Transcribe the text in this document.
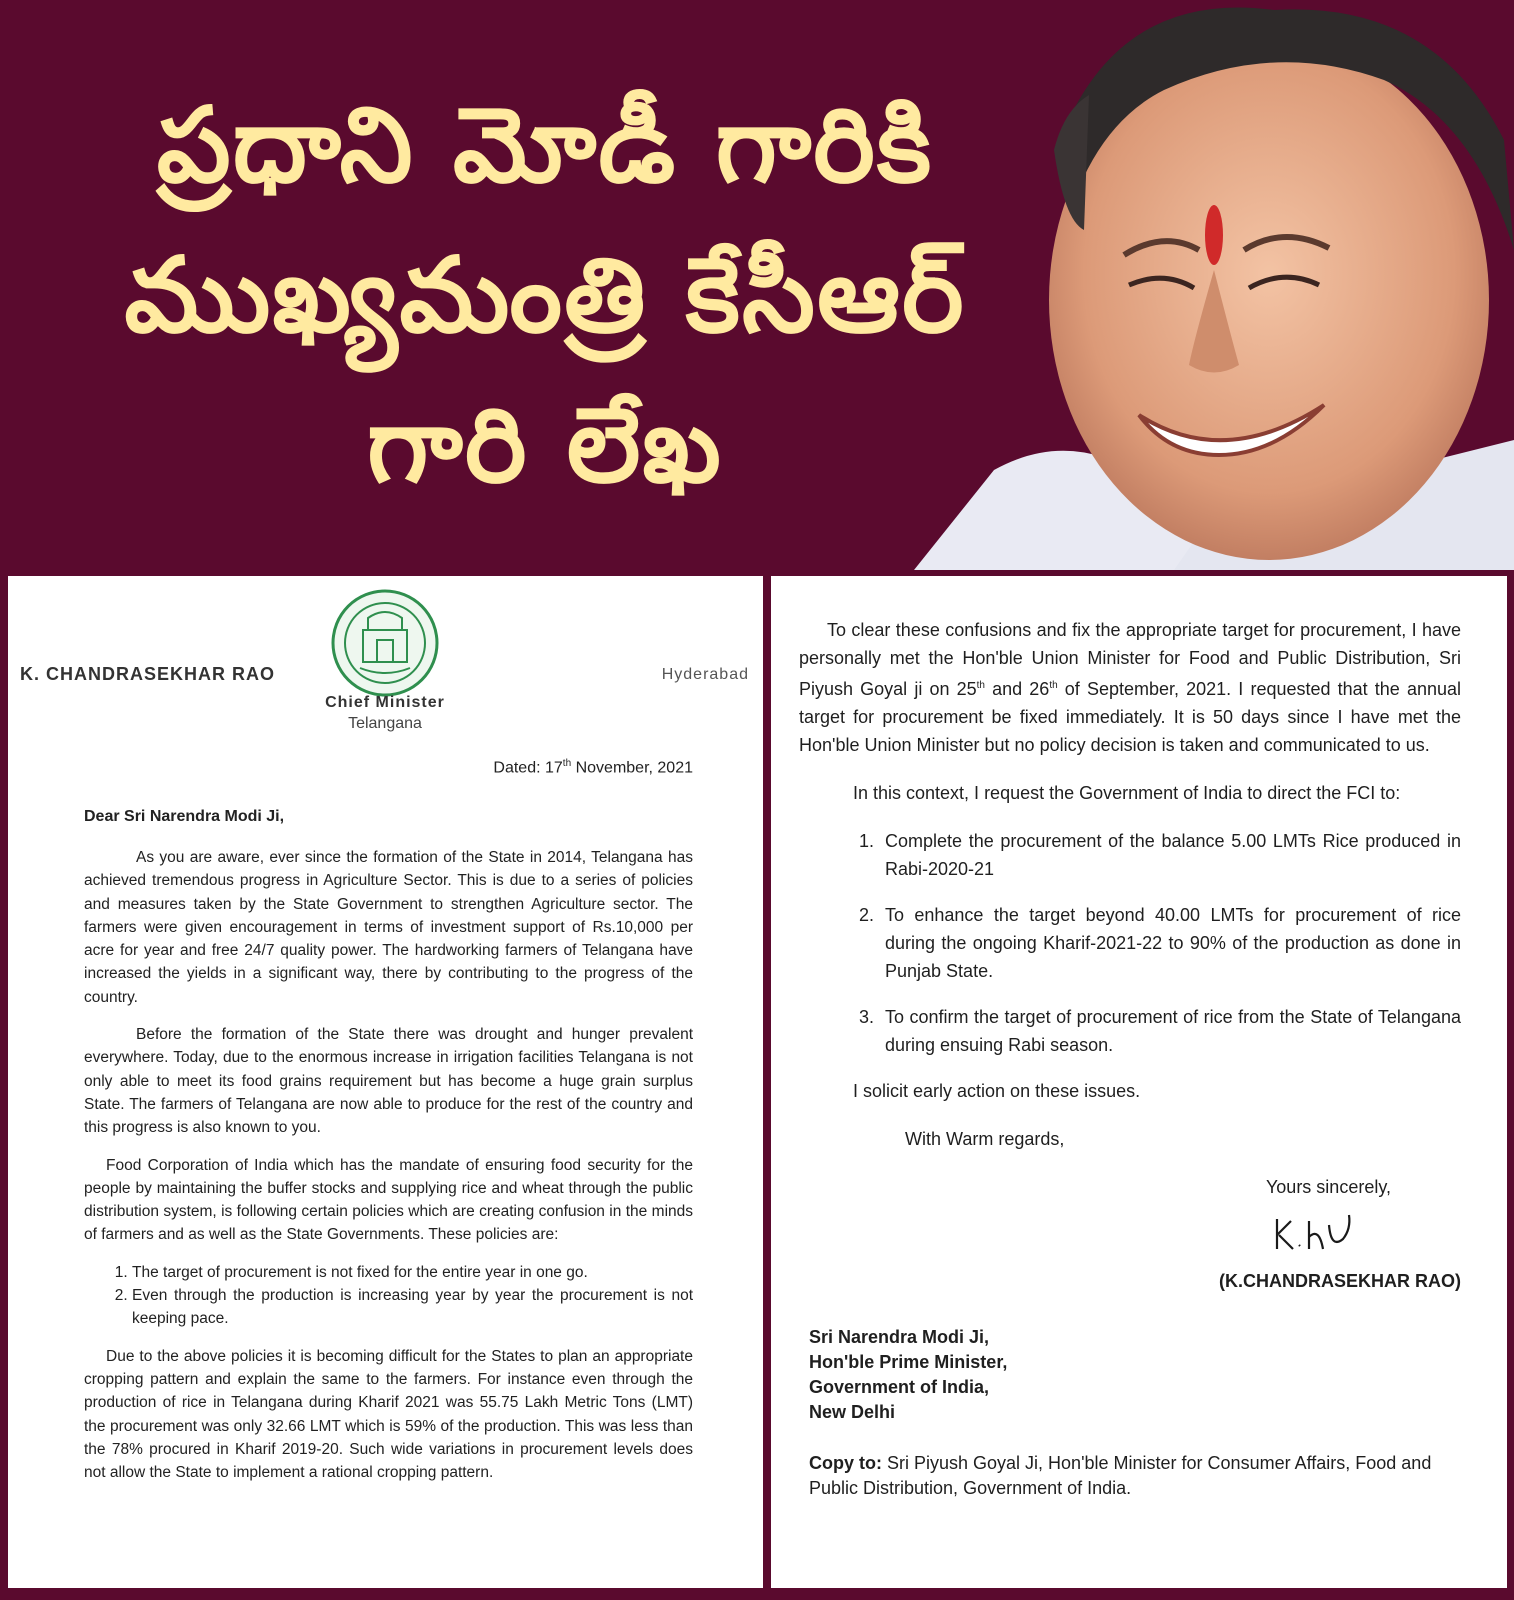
ప్రధాని మోడీ గారికి
ముఖ్యమంత్రి కేసీఆర్
గారి లేఖ
K. CHANDRASEKHAR RAO	Hyderabad
Chief Minister
Telangana
Dated: 17th November, 2021
Dear Sri Narendra Modi Ji,

As you are aware, ever since the formation of the State in 2014, Telangana has achieved tremendous progress in Agriculture Sector. This is due to a series of policies and measures taken by the State Government to strengthen Agriculture sector. The farmers were given encouragement in terms of investment support of Rs.10,000 per acre for year and free 24/7 quality power. The hardworking farmers of Telangana have increased the yields in a significant way, there by contributing to the progress of the country.

Before the formation of the State there was drought and hunger prevalent everywhere. Today, due to the enormous increase in irrigation facilities Telangana is not only able to meet its food grains requirement but has become a huge grain surplus State. The farmers of Telangana are now able to produce for the rest of the country and this progress is also known to you.

Food Corporation of India which has the mandate of ensuring food security for the people by maintaining the buffer stocks and supplying rice and wheat through the public distribution system, is following certain policies which are creating confusion in the minds of farmers and as well as the State Governments. These policies are:

1. The target of procurement is not fixed for the entire year in one go.
2. Even through the production is increasing year by year the procurement is not keeping pace.

Due to the above policies it is becoming difficult for the States to plan an appropriate cropping pattern and explain the same to the farmers. For instance even through the production of rice in Telangana during Kharif 2021 was 55.75 Lakh Metric Tons (LMT) the procurement was only 32.66 LMT which is 59% of the production. This was less than the 78% procured in Kharif 2019-20. Such wide variations in procurement levels does not allow the State to implement a rational cropping pattern.

To clear these confusions and fix the appropriate target for procurement, I have personally met the Hon'ble Union Minister for Food and Public Distribution, Sri Piyush Goyal ji on 25th and 26th of September, 2021. I requested that the annual target for procurement be fixed immediately. It is 50 days since I have met the Hon'ble Union Minister but no policy decision is taken and communicated to us.

In this context, I request the Government of India to direct the FCI to:

1. Complete the procurement of the balance 5.00 LMTs Rice produced in Rabi-2020-21
2. To enhance the target beyond 40.00 LMTs for procurement of rice during the ongoing Kharif-2021-22 to 90% of the production as done in Punjab State.
3. To confirm the target of procurement of rice from the State of Telangana during ensuing Rabi season.

I solicit early action on these issues.

With Warm regards,

Yours sincerely,

(K.CHANDRASEKHAR RAO)

Sri Narendra Modi Ji,
Hon'ble Prime Minister,
Government of India,
New Delhi
Copy to: Sri Piyush Goyal Ji, Hon'ble Minister for Consumer Affairs, Food and Public Distribution, Government of India.
